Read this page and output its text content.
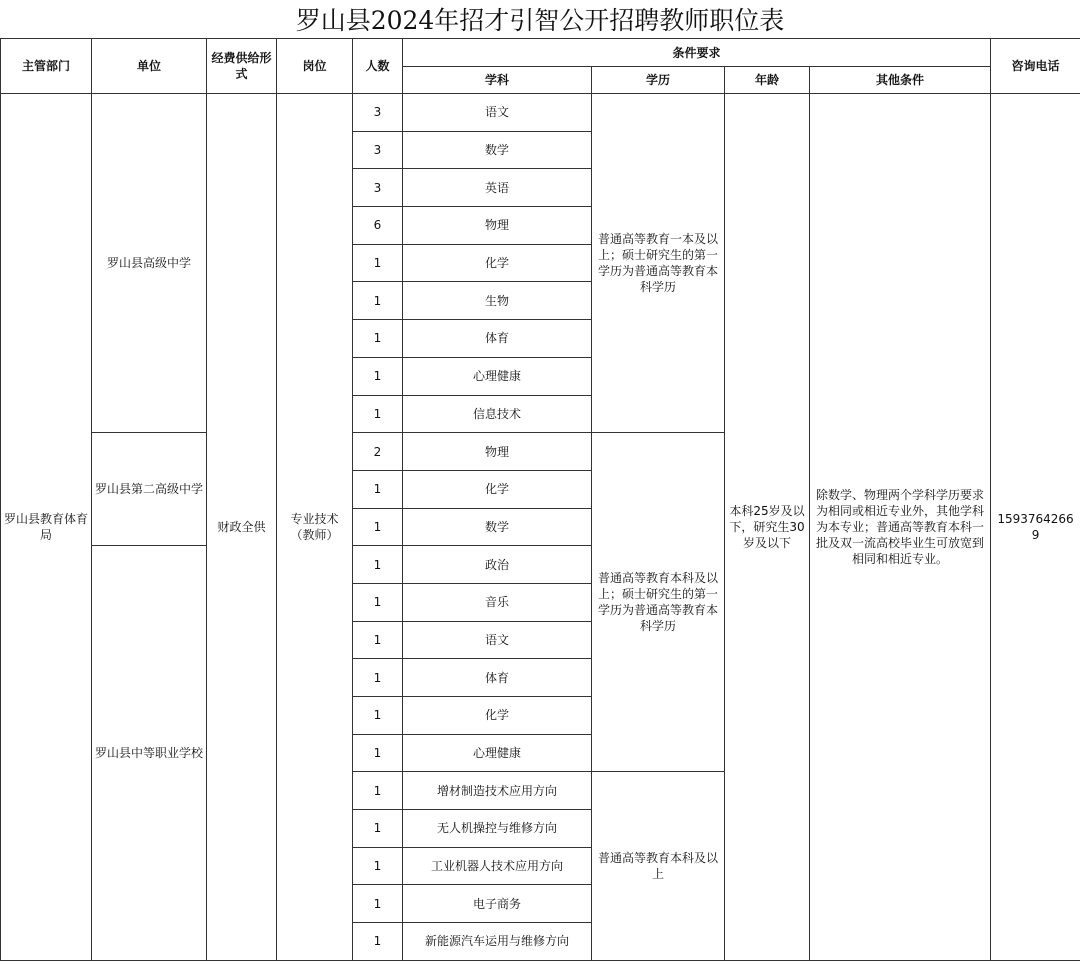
罗山县2024年招才引智公开招聘教师职位表
主管部门	单位	经费供给形式	岗位	人数	条件要求				咨询电话
					学科	学历	年龄	其他条件	
罗山县教育体育局	罗山县高级中学	财政全供	专业技术（教师）	3	语文	普通高等教育一本及以上；硕士研究生的第一学历为普通高等教育本科学历	本科25岁及以下，研究生30岁及以下	除数学、物理两个学科学历要求为相同或相近专业外，其他学科为本专业；普通高等教育本科一批及双一流高校毕业生可放宽到相同和相近专业。	15937642669
				3	数学				
				3	英语				
				6	物理				
				1	化学				
				1	生物				
				1	体育				
				1	心理健康				
				1	信息技术				
	罗山县第二高级中学			2	物理	普通高等教育本科及以上；硕士研究生的第一学历为普通高等教育本科学历			
				1	化学				
				1	数学				
	罗山县中等职业学校			1	政治				
				1	音乐				
				1	语文				
				1	体育				
				1	化学				
				1	心理健康				
				1	增材制造技术应用方向	普通高等教育本科及以上			
				1	无人机操控与维修方向				
				1	工业机器人技术应用方向				
				1	电子商务				
				1	新能源汽车运用与维修方向				
